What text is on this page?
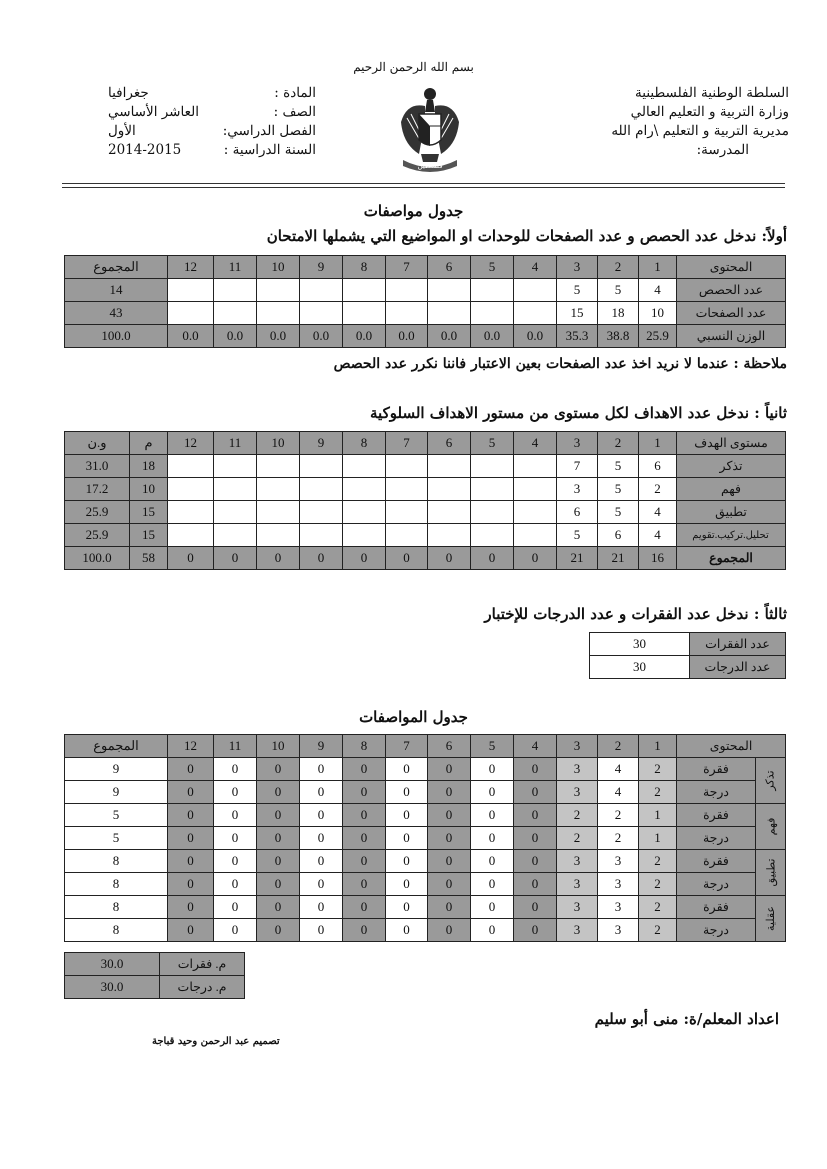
بسم الله الرحمن الرحيم
السلطة الوطنية الفلسطينية
وزارة التربية و التعليم العالي
مديرية التربية و التعليم \رام الله
المدرسة:
المادة :
جغرافيا
الصف :
العاشر الأساسي
الفصل الدراسي:
الأول
السنة الدراسية :
2014-2015
فلسطين
جدول مواصفات
أولاً: ندخل عدد الحصص و عدد الصفحات للوحدات او المواضيع التي يشملها الامتحان
المحتوى	1	2	3	4	5	6	7	8	9	10	11	12	المجموع
عدد الحصص	4	5	5										14
عدد الصفحات	10	18	15										43
الوزن النسبي	25.9	38.8	35.3	0.0	0.0	0.0	0.0	0.0	0.0	0.0	0.0	0.0	100.0
ملاحظة : عندما لا نريد اخذ عدد الصفحات بعين الاعتبار فاننا نكرر عدد الحصص
ثانياً : ندخل عدد الاهداف لكل مستوى من مستور الاهداف السلوكية
مستوى الهدف	1	2	3	4	5	6	7	8	9	10	11	12	م	و.ن
تذكر	6	5	7										18	31.0
فهم	2	5	3										10	17.2
تطبيق	4	5	6										15	25.9
تحليل.تركيب.تقويم	4	6	5										15	25.9
المجموع	16	21	21	0	0	0	0	0	0	0	0	0	58	100.0
ثالثاً : ندخل عدد الفقرات و عدد الدرجات للإختبار
عدد الفقرات	30
عدد الدرجات	30
جدول المواصفات
المحتوى		1	2	3	4	5	6	7	8	9	10	11	12	المجموع
تذكر	فقرة	2	4	3	0	0	0	0	0	0	0	0	0	9
	درجة	2	4	3	0	0	0	0	0	0	0	0	0	9
فهم	فقرة	1	2	2	0	0	0	0	0	0	0	0	0	5
	درجة	1	2	2	0	0	0	0	0	0	0	0	0	5
تطبيق	فقرة	2	3	3	0	0	0	0	0	0	0	0	0	8
	درجة	2	3	3	0	0	0	0	0	0	0	0	0	8
عقلية	فقرة	2	3	3	0	0	0	0	0	0	0	0	0	8
	درجة	2	3	3	0	0	0	0	0	0	0	0	0	8
م. فقرات	30.0
م. درجات	30.0
اعداد المعلم/ة: منى أبو سليم
تصميم عبد الرحمن وحيد قباجة
